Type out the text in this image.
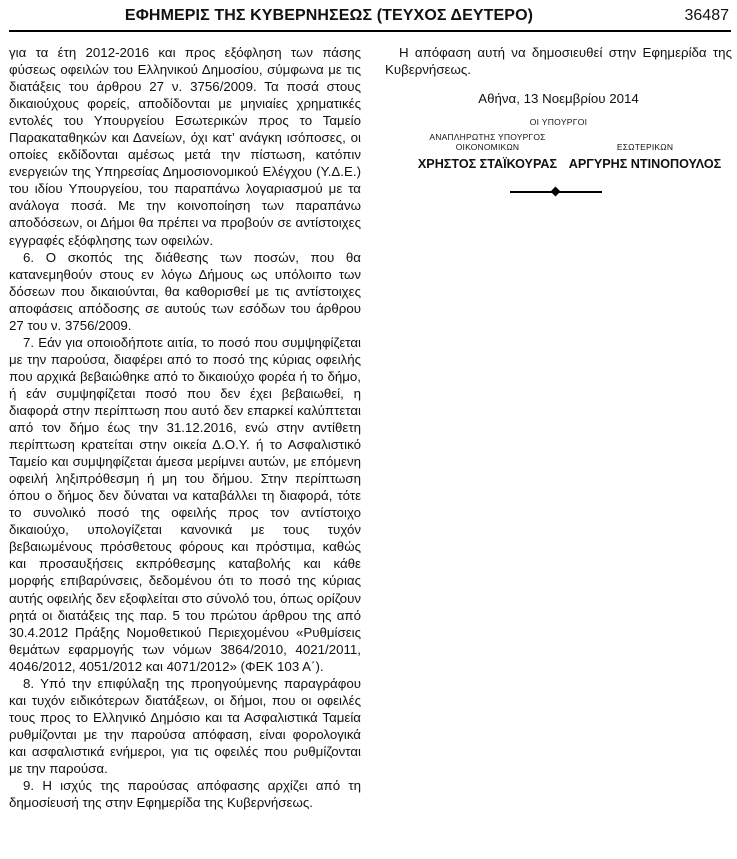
ΕΦΗΜΕΡΙΣ ΤΗΣ ΚΥΒΕΡΝΗΣΕΩΣ (ΤΕΥΧΟΣ ΔΕΥΤΕΡΟ)	36487

για τα έτη 2012-2016 και προς εξόφληση των πάσης φύσεως οφειλών του Ελληνικού Δημοσίου, σύμφωνα με τις διατάξεις του άρθρου 27 ν. 3756/2009. Τα ποσά στους δικαιούχους φορείς, αποδίδονται με μηνιαίες χρηματικές εντολές του Υπουργείου Εσωτερικών προς το Ταμείο Παρακαταθηκών και Δανείων, όχι κατ’ ανάγκη ισόποσες, οι οποίες εκδίδονται αμέσως μετά την πίστωση, κατόπιν ενεργειών της Υπηρεσίας Δημοσιονομικού Ελέγχου (Υ.Δ.Ε.) του ιδίου Υπουργείου, του παραπάνω λογαριασμού με τα ανάλογα ποσά. Με την κοινοποίηση των παραπάνω αποδόσεων, οι Δήμοι θα πρέπει να προβούν σε αντίστοιχες εγγραφές εξόφλησης των οφειλών.

6. Ο σκοπός της διάθεσης των ποσών, που θα κατανεμηθούν στους εν λόγω Δήμους ως υπόλοιπο των δόσεων που δικαιούνται, θα καθορισθεί με τις αντίστοιχες αποφάσεις απόδοσης σε αυτούς των εσόδων του άρθρου 27 του ν. 3756/2009.

7. Εάν για οποιοδήποτε αιτία, το ποσό που συμψηφίζεται με την παρούσα, διαφέρει από το ποσό της κύριας οφειλής που αρχικά βεβαιώθηκε από το δικαιούχο φορέα ή το δήμο, ή εάν συμψηφίζεται ποσό που δεν έχει βεβαιωθεί, η διαφορά στην περίπτωση που αυτό δεν επαρκεί καλύπτεται από τον δήμο έως την 31.12.2016, ενώ στην αντίθετη περίπτωση κρατείται στην οικεία Δ.Ο.Υ. ή το Ασφαλιστικό Ταμείο και συμψηφίζεται άμεσα μερίμνει αυτών, με επόμενη οφειλή ληξιπρόθεσμη ή μη του δήμου. Στην περίπτωση όπου ο δήμος δεν δύναται να καταβάλλει τη διαφορά, τότε το συνολικό ποσό της οφειλής προς τον αντίστοιχο δικαιούχο, υπολογίζεται κανονικά με τους τυχόν βεβαιωμένους πρόσθετους φόρους και πρόστιμα, καθώς και προσαυξήσεις εκπρόθεσμης καταβολής και κάθε μορφής επιβαρύνσεις, δεδομένου ότι το ποσό της κύριας αυτής οφειλής δεν εξοφλείται στο σύνολό του, όπως ορίζουν ρητά οι διατάξεις της παρ. 5 του πρώτου άρθρου της από 30.4.2012 Πράξης Νομοθετικού Περιεχομένου «Ρυθμίσεις θεμάτων εφαρμογής των νόμων 3864/2010, 4021/2011, 4046/2012, 4051/2012 και 4071/2012» (ΦΕΚ 103 Α΄).

8. Υπό την επιφύλαξη της προηγούμενης παραγράφου και τυχόν ειδικότερων διατάξεων, οι δήμοι, που οι οφειλές τους προς το Ελληνικό Δημόσιο και τα Ασφαλιστικά Ταμεία ρυθμίζονται με την παρούσα απόφαση, είναι φορολογικά και ασφαλιστικά ενήμεροι, για τις οφειλές που ρυθμίζονται με την παρούσα.

9. Η ισχύς της παρούσας απόφασης αρχίζει από τη δημοσίευσή της στην Εφημερίδα της Κυβερνήσεως.

Η απόφαση αυτή να δημοσιευθεί στην Εφημερίδα της Κυβερνήσεως.

Αθήνα, 13 Νοεμβρίου 2014
ΟΙ ΥΠΟΥΡΓΟΙ
ΑΝΑΠΛΗΡΩΤΗΣ ΥΠΟΥΡΓΟΣ
ΟΙΚΟΝΟΜΙΚΩΝ
ΧΡΗΣΤΟΣ ΣΤΑΪΚΟΥΡΑΣ
ΕΣΩΤΕΡΙΚΩΝ
ΑΡΓΥΡΗΣ ΝΤΙΝΟΠΟΥΛΟΣ
